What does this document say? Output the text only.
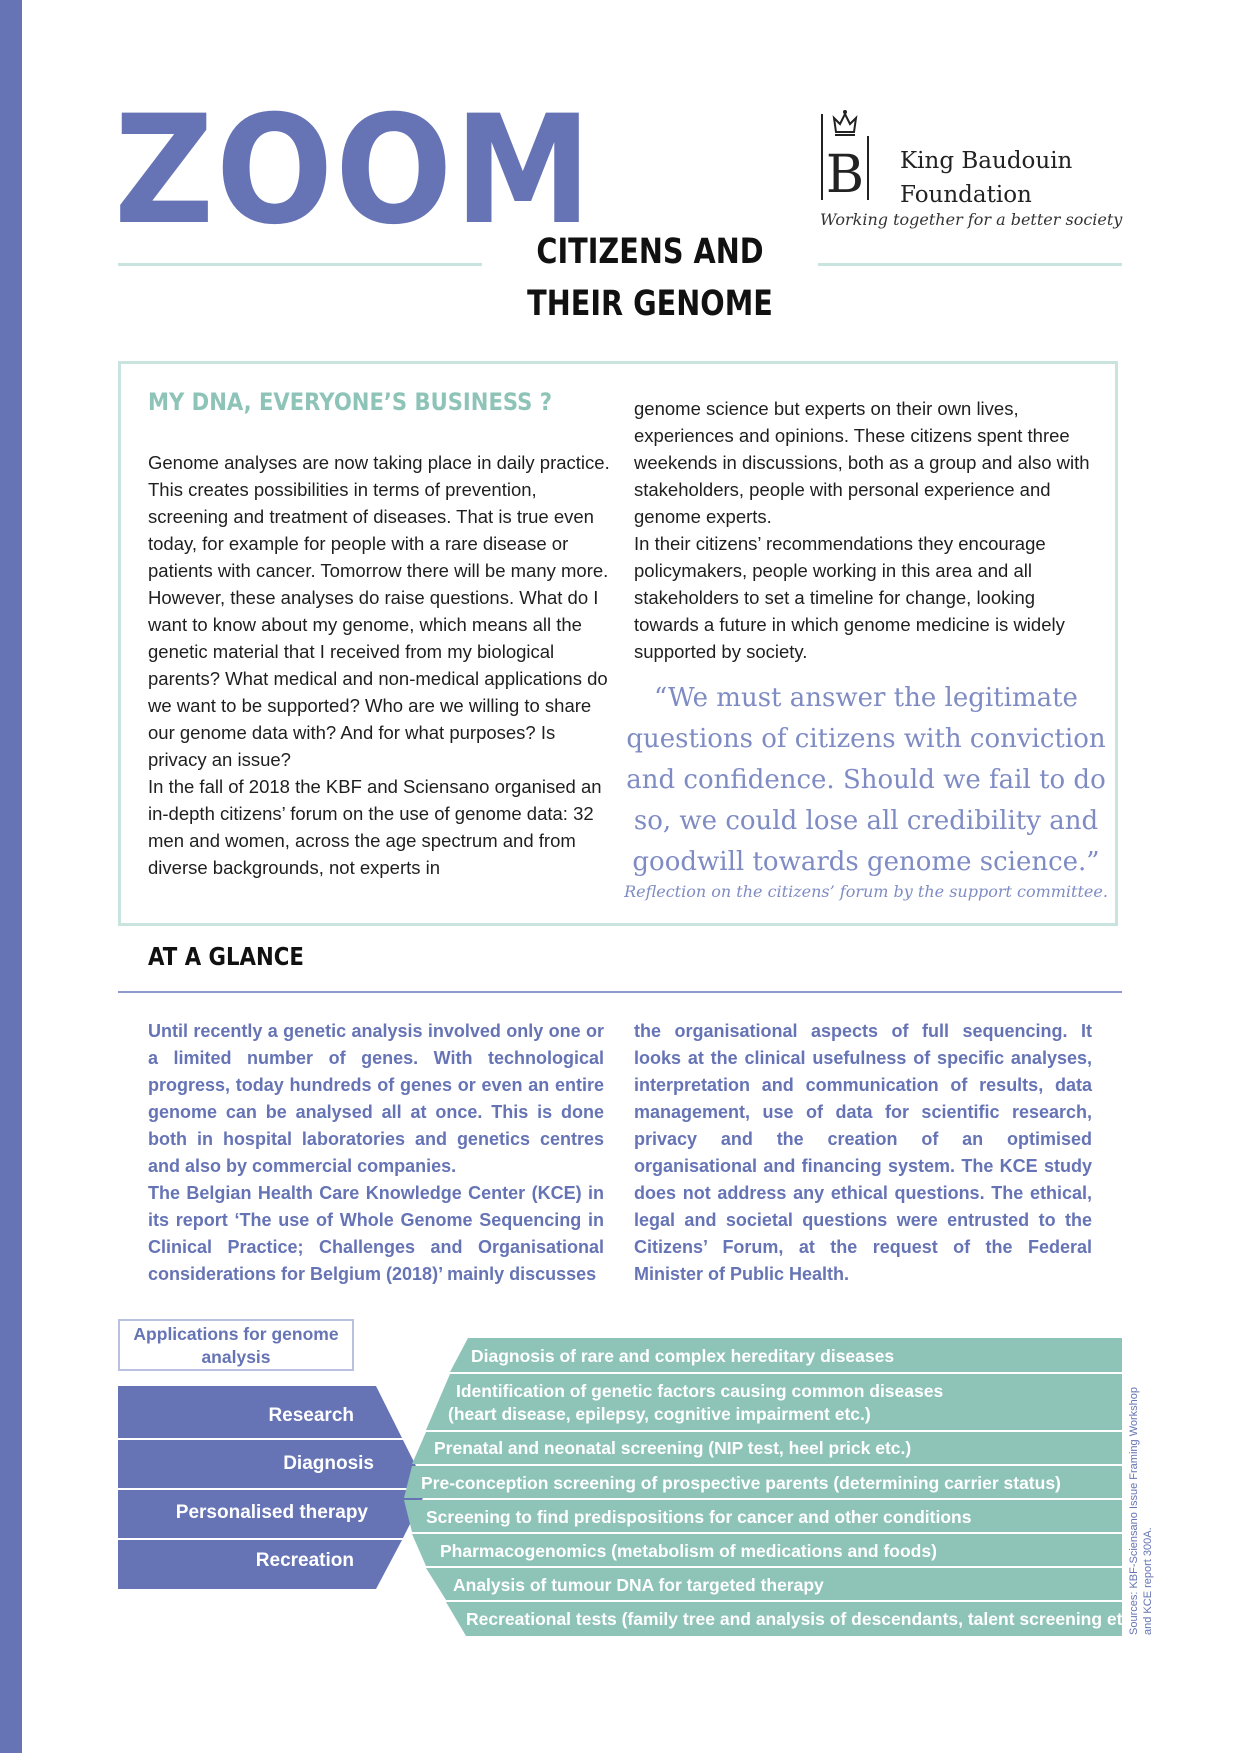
ZOOM
CITIZENS AND
THEIR GENOME
B King Baudouin
Foundation
Working together for a better society
MY DNA, EVERYONE’S BUSINESS ?

Genome analyses are now taking place in daily practice. This creates possibilities in terms of prevention, screening and treatment of diseases. That is true even today, for example for people with a rare disease or patients with cancer. Tomorrow there will be many more.

However, these analyses do raise questions. What do I want to know about my genome, which means all the genetic material that I received from my biological parents? What medical and non-medical applications do we want to be supported? Who are we willing to share our genome data with? And for what purposes? Is privacy an issue?

In the fall of 2018 the KBF and Sciensano organised an in-depth citizens’ forum on the use of genome data: 32 men and women, across the age spectrum and from diverse backgrounds, not experts in

genome science but experts on their own lives, experiences and opinions. These citizens spent three weekends in discussions, both as a group and also with stakeholders, people with personal experience and genome experts.

In their citizens’ recommendations they encourage policymakers, people working in this area and all stakeholders to set a timeline for change, looking towards a future in which genome medicine is widely supported by society.

“We must answer the legitimate questions of citizens with conviction and confidence. Should we fail to do so, we could lose all credibility and goodwill towards genome science.”

Reflection on the citizens’ forum by the support committee.

AT A GLANCE

Until recently a genetic analysis involved only one or a limited number of genes. With technological progress, today hundreds of genes or even an entire genome can be analysed all at once. This is done both in hospital laboratories and genetics centres and also by commercial companies.

The Belgian Health Care Knowledge Center (KCE) in its report ‘The use of Whole Genome Sequencing in Clinical Practice; Challenges and Organisational considerations for Belgium (2018)’ mainly discusses

the organisational aspects of full sequencing. It looks at the clinical usefulness of specific analyses, interpretation and communication of results, data management, use of data for scientific research, privacy and the creation of an optimised organisational and financing system. The KCE study does not address any ethical questions. The ethical, legal and societal questions were entrusted to the Citizens’ Forum, at the request of the Federal Minister of Public Health.

Applications for genome analysis
Research
Diagnosis
Personalised therapy
Recreation
Diagnosis of rare and complex hereditary diseases
Identification of genetic factors causing common diseases
(heart disease, epilepsy, cognitive impairment etc.)
Prenatal and neonatal screening (NIP test, heel prick etc.)
Pre-conception screening of prospective parents (determining carrier status)
Screening to find predispositions for cancer and other conditions
Pharmacogenomics (metabolism of medications and foods)
Analysis of tumour DNA for targeted therapy
Recreational tests (family tree and analysis of descendants, talent screening etc.)

Sources: KBF-Sciensano Issue Framing Workshop and KCE report 300A.
